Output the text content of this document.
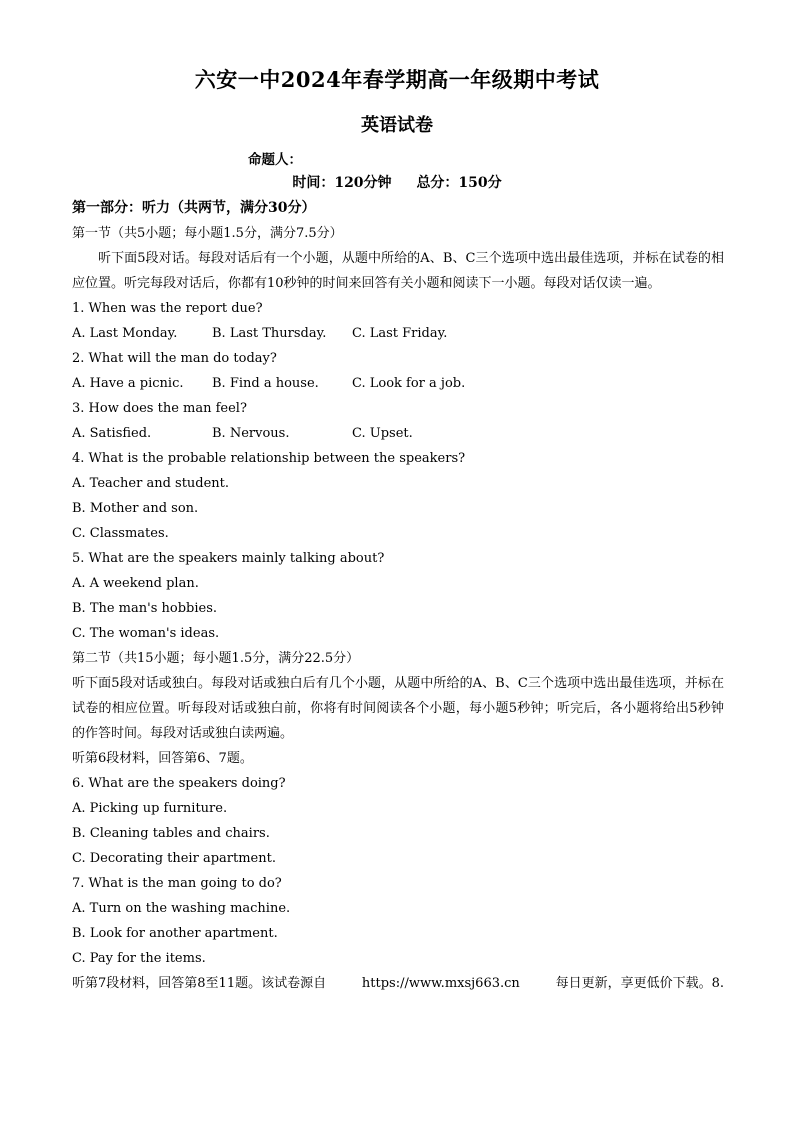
六安一中2024年春学期高一年级期中考试
英语试卷
命题人：
时间：120分钟 总分：150分
第一部分：听力（共两节，满分30分）
第一节（共5小题；每小题1.5分，满分7.5分）
听下面5段对话。每段对话后有一个小题，从题中所给的A、B、C三个选项中选出最佳选项，并标在试卷的相应位置。听完每段对话后，你都有10秒钟的时间来回答有关小题和阅读下一小题。每段对话仅读一遍。
1. When was the report due?
A. Last Monday.	B. Last Thursday.	C. Last Friday.
2. What will the man do today?
A. Have a picnic.	B. Find a house.	C. Look for a job.
3. How does the man feel?
A. Satisfied.	B. Nervous.	C. Upset.
4. What is the probable relationship between the speakers?
A. Teacher and student.
B. Mother and son.
C. Classmates.
5. What are the speakers mainly talking about?
A. A weekend plan.
B. The man's hobbies.
C. The woman's ideas.
第二节（共15小题；每小题1.5分，满分22.5分）
听下面5段对话或独白。每段对话或独白后有几个小题，从题中所给的A、B、C三个选项中选出最佳选项，并标在试卷的相应位置。听每段对话或独白前，你将有时间阅读各个小题，每小题5秒钟；听完后，各小题将给出5秒钟的作答时间。每段对话或独白读两遍。
听第6段材料，回答第6、7题。
6. What are the speakers doing?
A. Picking up furniture.
B. Cleaning tables and chairs.
C. Decorating their apartment.
7. What is the man going to do?
A. Turn on the washing machine.
B. Look for another apartment.
C. Pay for the items.
听第7段材料，回答第8至11题。该试卷源自	https://www.mxsj663.cn	每日更新，享更低价下载。8.
